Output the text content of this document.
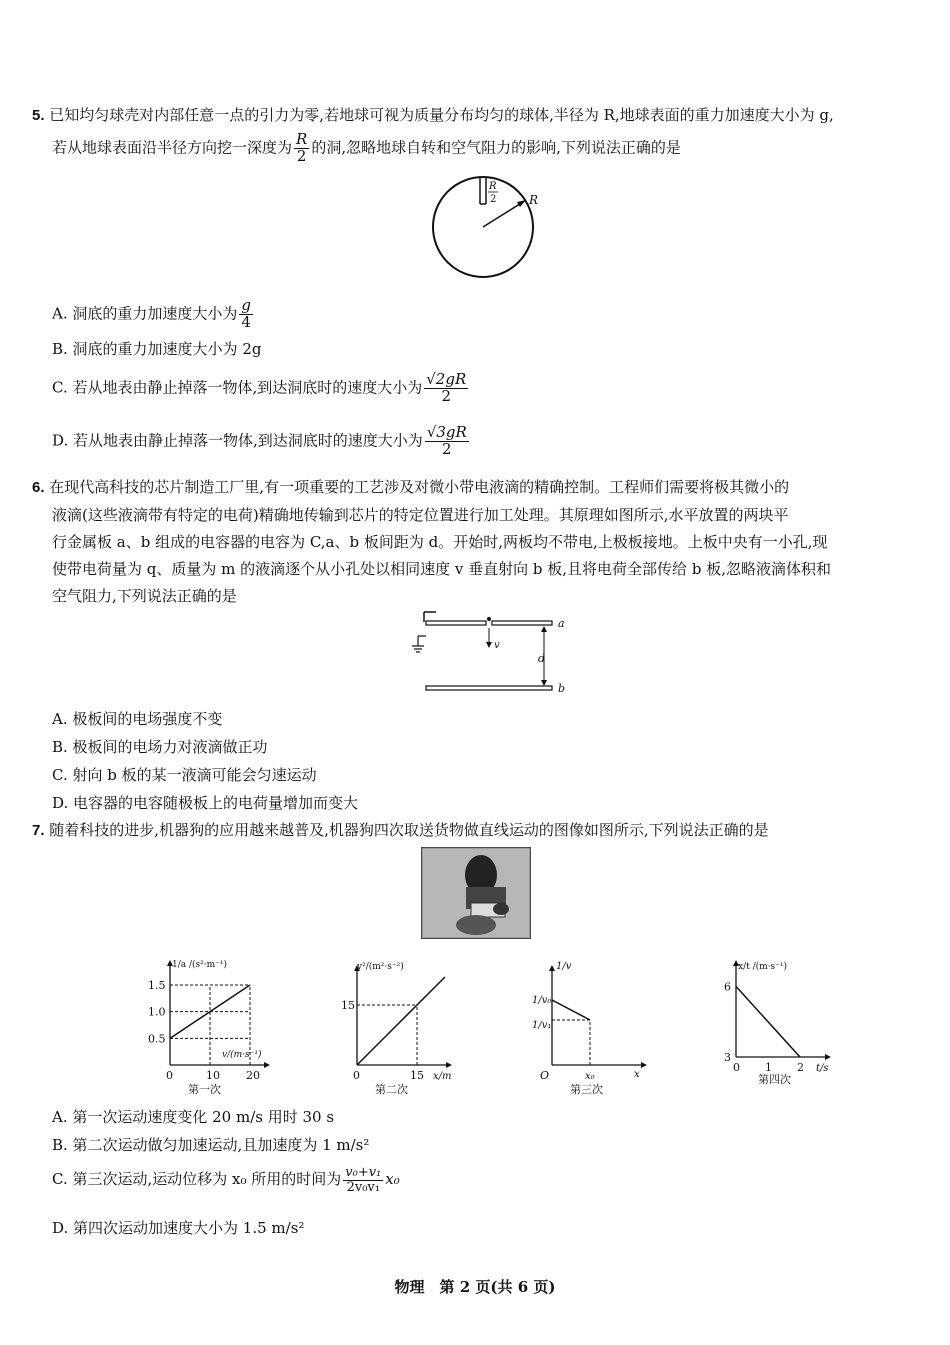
5. 已知均匀球壳对内部任意一点的引力为零,若地球可视为质量分布均匀的球体,半径为 R,地球表面的重力加速度大小为 g,
若从地球表面沿半径方向挖一深度为 $\frac{R}{2}$ 的洞,忽略地球自转和空气阻力的影响,下列说法正确的是
R
2	R
A. 洞底的重力加速度大小为 $\frac{g}{4}$
B. 洞底的重力加速度大小为 2g
C. 若从地表由静止掉落一物体,到达洞底时的速度大小为 $\frac{√2gR}{2}$
D. 若从地表由静止掉落一物体,到达洞底时的速度大小为 $\frac{√3gR}{2}$
6. 在现代高科技的芯片制造工厂里,有一项重要的工艺涉及对微小带电液滴的精确控制。工程师们需要将极其微小的
液滴(这些液滴带有特定的电荷)精确地传输到芯片的特定位置进行加工处理。其原理如图所示,水平放置的两块平
行金属板 a、b 组成的电容器的电容为 C,a、b 板间距为 d。开始时,两板均不带电,上极板接地。上板中央有一小孔,现
使带电荷量为 q、质量为 m 的液滴逐个从小孔处以相同速度 v 垂直射向 b 板,且将电荷全部传给 b 板,忽略液滴体积和
空气阻力,下列说法正确的是
v
a
b
d
A. 极板间的电场强度不变
B. 极板间的电场力对液滴做正功
C. 射向 b 板的某一液滴可能会匀速运动
D. 电容器的电容随极板上的电荷量增加而变大
7. 随着科技的进步,机器狗的应用越来越普及,机器狗四次取送货物做直线运动的图像如图所示,下列说法正确的是
0.5
1.0
1.5
0	10 20
1/a /(s²·m⁻¹)
v/(m·s⁻¹)
第一次
15
0	15
v²/(m²·s⁻²)
x/m
第二次
1/v₀
1/v₁
O	x₀
1/v
x
第三次
6
3
0 1 2
x/t /(m·s⁻¹)
t/s
第四次
A. 第一次运动速度变化 20 m/s 用时 30 s
B. 第二次运动做匀加速运动,且加速度为 1 m/s²
C. 第三次运动,运动位移为 x₀ 所用的时间为 $\frac{\text{v₀+v₁}}{\text{2v₀v₁}} x_0$
D. 第四次运动加速度大小为 1.5 m/s²
物理　第 2 页(共 6 页)
